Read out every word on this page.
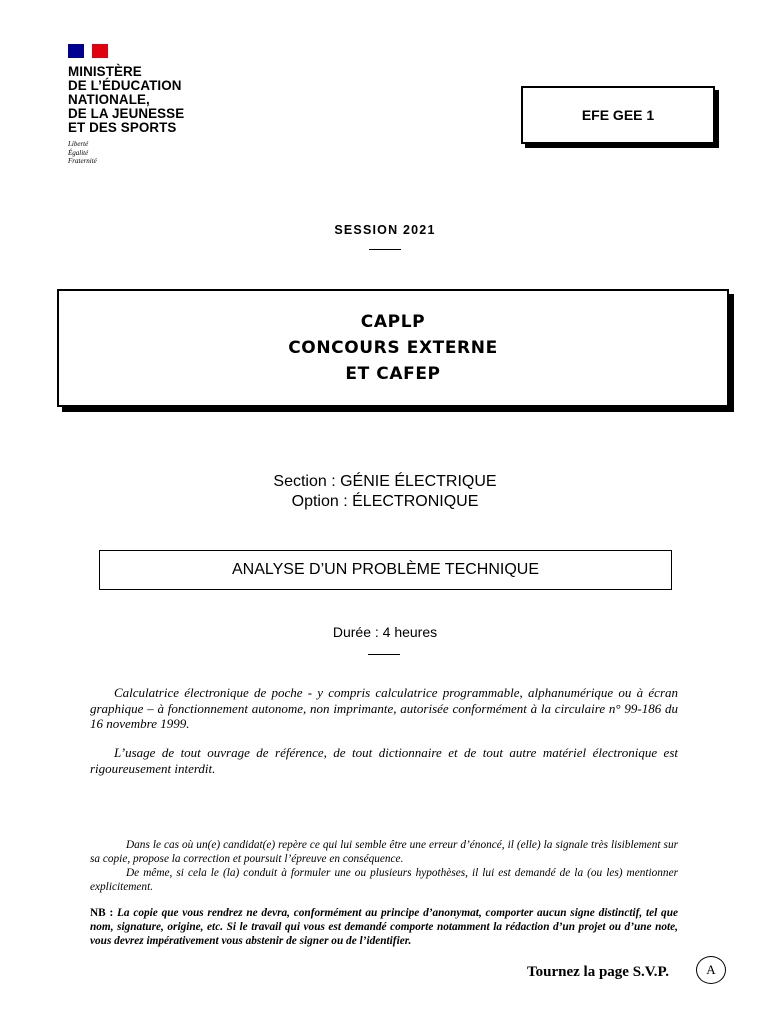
MINISTÈRE
DE L’ÉDUCATION
NATIONALE,
DE LA JEUNESSE
ET DES SPORTS
Liberté
Égalité
Fraternité
EFE GEE 1
SESSION 2021
CAPLP
CONCOURS EXTERNE
ET CAFEP
Section : GÉNIE ÉLECTRIQUE
Option : ÉLECTRONIQUE
ANALYSE D’UN PROBLÈME TECHNIQUE
Durée : 4 heures
Calculatrice électronique de poche - y compris calculatrice programmable, alphanumérique ou à écran graphique – à fonctionnement autonome, non imprimante, autorisée conformément à la circulaire n° 99-186 du 16 novembre 1999.
L’usage de tout ouvrage de référence, de tout dictionnaire et de tout autre matériel électronique est rigoureusement interdit.
Dans le cas où un(e) candidat(e) repère ce qui lui semble être une erreur d’énoncé, il (elle) la signale très lisiblement sur sa copie, propose la correction et poursuit l’épreuve en conséquence.
De même, si cela le (la) conduit à formuler une ou plusieurs hypothèses, il lui est demandé de la (ou les) mentionner explicitement.
NB : La copie que vous rendrez ne devra, conformément au principe d’anonymat, comporter aucun signe distinctif, tel que nom, signature, origine, etc. Si le travail qui vous est demandé comporte notamment la rédaction d’un projet ou d’une note, vous devrez impérativement vous abstenir de signer ou de l’identifier.
Tournez la page S.V.P.	A
